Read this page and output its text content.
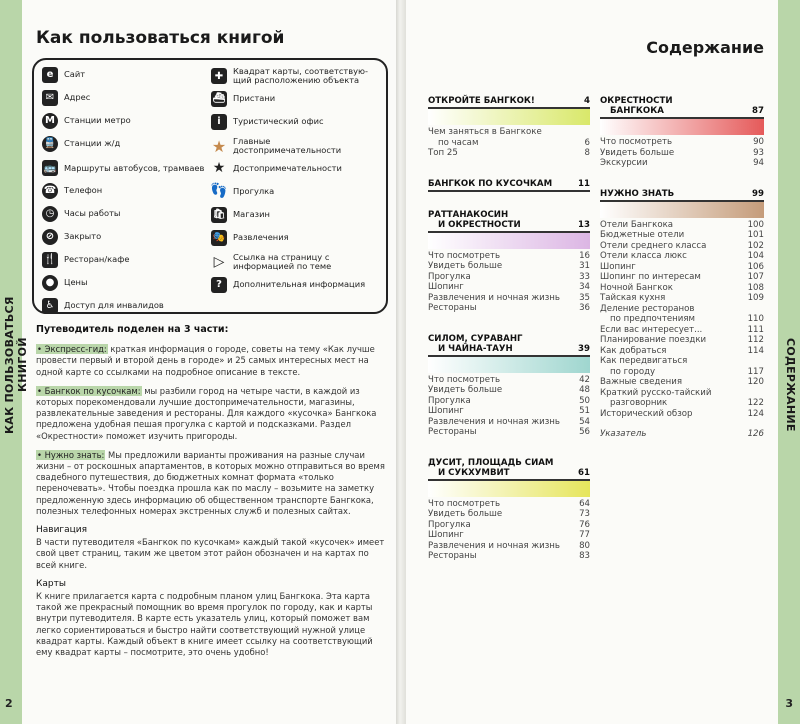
КАК ПОЛЬЗОВАТЬСЯ КНИГОЙ
2
Как пользоваться книгой
e	Сайт
✉	Адрес
M	Станции метро
🚆 Станции ж/д
🚌 Маршруты автобусов, трамваев
☎ Телефон
◷	Часы работы
⊘	Закрыто
🍴 Ресторан/кафе
●	Цены
♿	Доступ для инвалидов
✚	Квадрат карты, соответствующий расположению объекта
⛴ Пристани
i	Туристический офис
★ Главные достопримечательности
★ Достопримечательности
👣 Прогулка
🛍 Магазин
🎭 Развлечения
▷	Ссылка на страницу с информацией по теме
?	Дополнительная информация
Путеводитель поделен на 3 части:

• Экспресс-гид: краткая информация о городе, советы на тему «Как лучше провести первый и второй день в городе» и 25 самых интересных мест на одной карте со ссылками на подробное описание в тексте.

• Бангкок по кусочкам: мы разбили город на четыре части, в каждой из которых порекомендовали лучшие достопримечательности, магазины, развлекательные заведения и рестораны. Для каждого «кусочка» Бангкока предложена удобная пешая прогулка с картой и подсказками. Раздел «Окрестности» поможет изучить пригороды.

• Нужно знать: Мы предложили варианты проживания на разные случаи жизни – от роскошных апартаментов, в которых можно отправиться во время свадебного путешествия, до бюджетных комнат формата «только переночевать». Чтобы поездка прошла как по маслу – возьмите на заметку предложенную здесь информацию об общественном транспорте Бангкока, полезных телефонных номерах экстренных служб и полезных сайтах.

Навигация

В части путеводителя «Бангкок по кусочкам» каждый такой «кусочек» имеет свой цвет страниц, таким же цветом этот район обозначен и на картах по всей книге.

Карты

К книге прилагается карта с подробным планом улиц Бангкока. Эта карта такой же прекрасный помощник во время прогулок по городу, как и карты внутри путеводителя. В карте есть указатель улиц, который поможет вам легко сориентироваться и быстро найти соответствующий нужной улице квадрат карты. Каждый объект в книге имеет ссылку на соответствующий ему квадрат карты – посмотрите, это очень удобно!

СОДЕРЖАНИЕ
3
Содержание
ОТКРОЙТЕ БАНГКОК!	4
Чем заняться в Бангкоке
по часам	6
Топ 25	8
БАНГКОК ПО КУСОЧКАМ	11
РАТТАНАКОСИН
И ОКРЕСТНОСТИ	13
Что посмотреть	16
Увидеть больше	31
Прогулка	33
Шопинг	34
Развлечения и ночная жизнь 35
Рестораны	36
СИЛОМ, СУРАВАНГ
И ЧАЙНА-ТАУН	39
Что посмотреть	42
Увидеть больше	48
Прогулка	50
Шопинг	51
Развлечения и ночная жизнь 54
Рестораны	56
ДУСИТ, ПЛОЩАДЬ СИАМ
И СУКХУМВИТ	61
Что посмотреть	64
Увидеть больше	73
Прогулка	76
Шопинг	77
Развлечения и ночная жизнь 80
Рестораны	83
ОКРЕСТНОСТИ
БАНГКОКА	87
Что посмотреть	90
Увидеть больше	93
Экскурсии	94
НУЖНО ЗНАТЬ	99
Отели Бангкока	100
Бюджетные отели	101
Отели среднего класса	102
Отели класса люкс	104
Шопинг	106
Шопинг по интересам	107
Ночной Бангкок	108
Тайская кухня	109
Деление ресторанов
по предпочтениям	110
Если вас интересует...	111
Планирование поездки	112
Как добраться	114
Как передвигаться
по городу	117
Важные сведения	120
Краткий русско-тайский
разговорник	122
Исторический обзор	124
Указатель	126
